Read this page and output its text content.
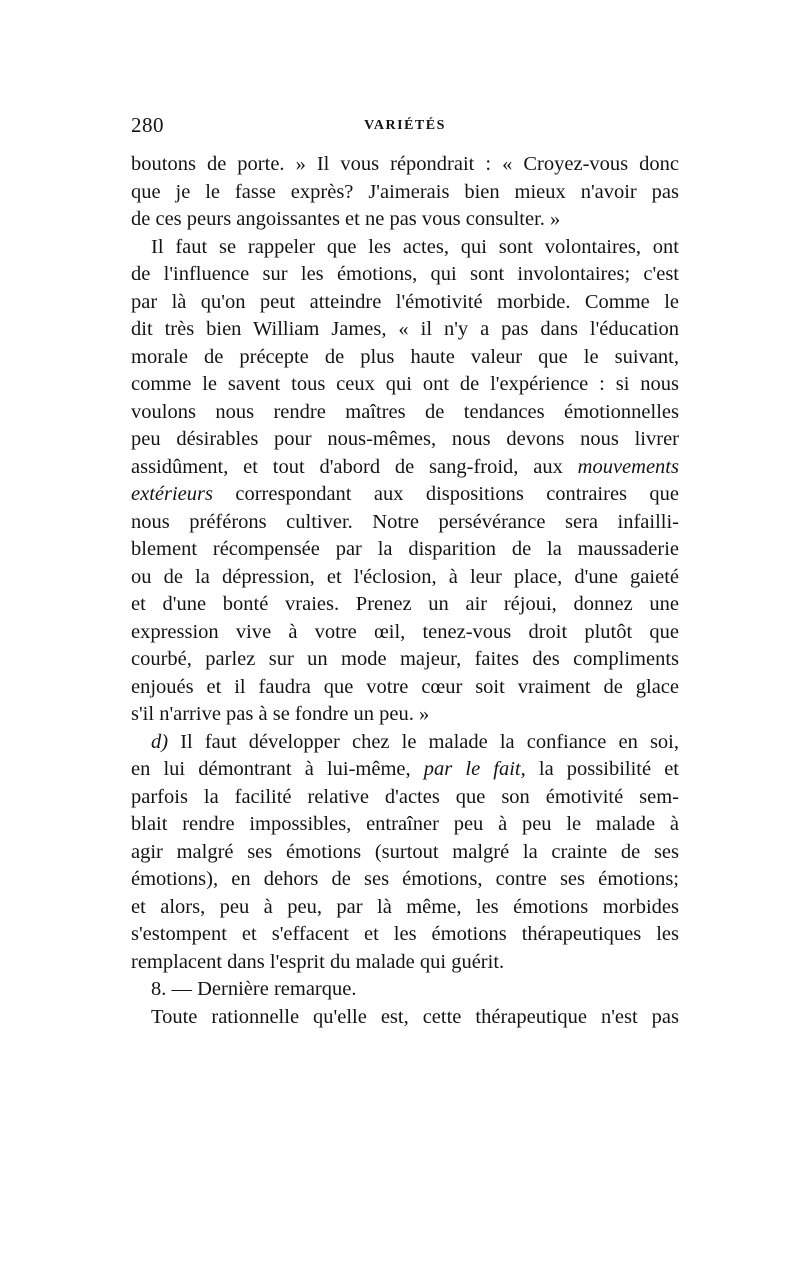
280	VARIÉTÉS
boutons de porte. » Il vous répondrait : « Croyez-vous donc
que je le fasse exprès? J'aimerais bien mieux n'avoir pas
de ces peurs angoissantes et ne pas vous consulter. »
Il faut se rappeler que les actes, qui sont volontaires, ont
de l'influence sur les émotions, qui sont involontaires; c'est
par là qu'on peut atteindre l'émotivité morbide. Comme le
dit très bien William James, « il n'y a pas dans l'éducation
morale de précepte de plus haute valeur que le suivant,
comme le savent tous ceux qui ont de l'expérience : si nous
voulons nous rendre maîtres de tendances émotionnelles
peu désirables pour nous-mêmes, nous devons nous livrer
assidûment, et tout d'abord de sang-froid, aux mouvements
extérieurs correspondant aux dispositions contraires que
nous préférons cultiver. Notre persévérance sera infailli-
blement récompensée par la disparition de la maussaderie
ou de la dépression, et l'éclosion, à leur place, d'une gaieté
et d'une bonté vraies. Prenez un air réjoui, donnez une
expression vive à votre œil, tenez-vous droit plutôt que
courbé, parlez sur un mode majeur, faites des compliments
enjoués et il faudra que votre cœur soit vraiment de glace
s'il n'arrive pas à se fondre un peu. »
d) Il faut développer chez le malade la confiance en soi,
en lui démontrant à lui-même, par le fait, la possibilité et
parfois la facilité relative d'actes que son émotivité sem-
blait rendre impossibles, entraîner peu à peu le malade à
agir malgré ses émotions (surtout malgré la crainte de ses
émotions), en dehors de ses émotions, contre ses émotions;
et alors, peu à peu, par là même, les émotions morbides
s'estompent et s'effacent et les émotions thérapeutiques les
remplacent dans l'esprit du malade qui guérit.
8. — Dernière remarque.
Toute rationnelle qu'elle est, cette thérapeutique n'est pas
